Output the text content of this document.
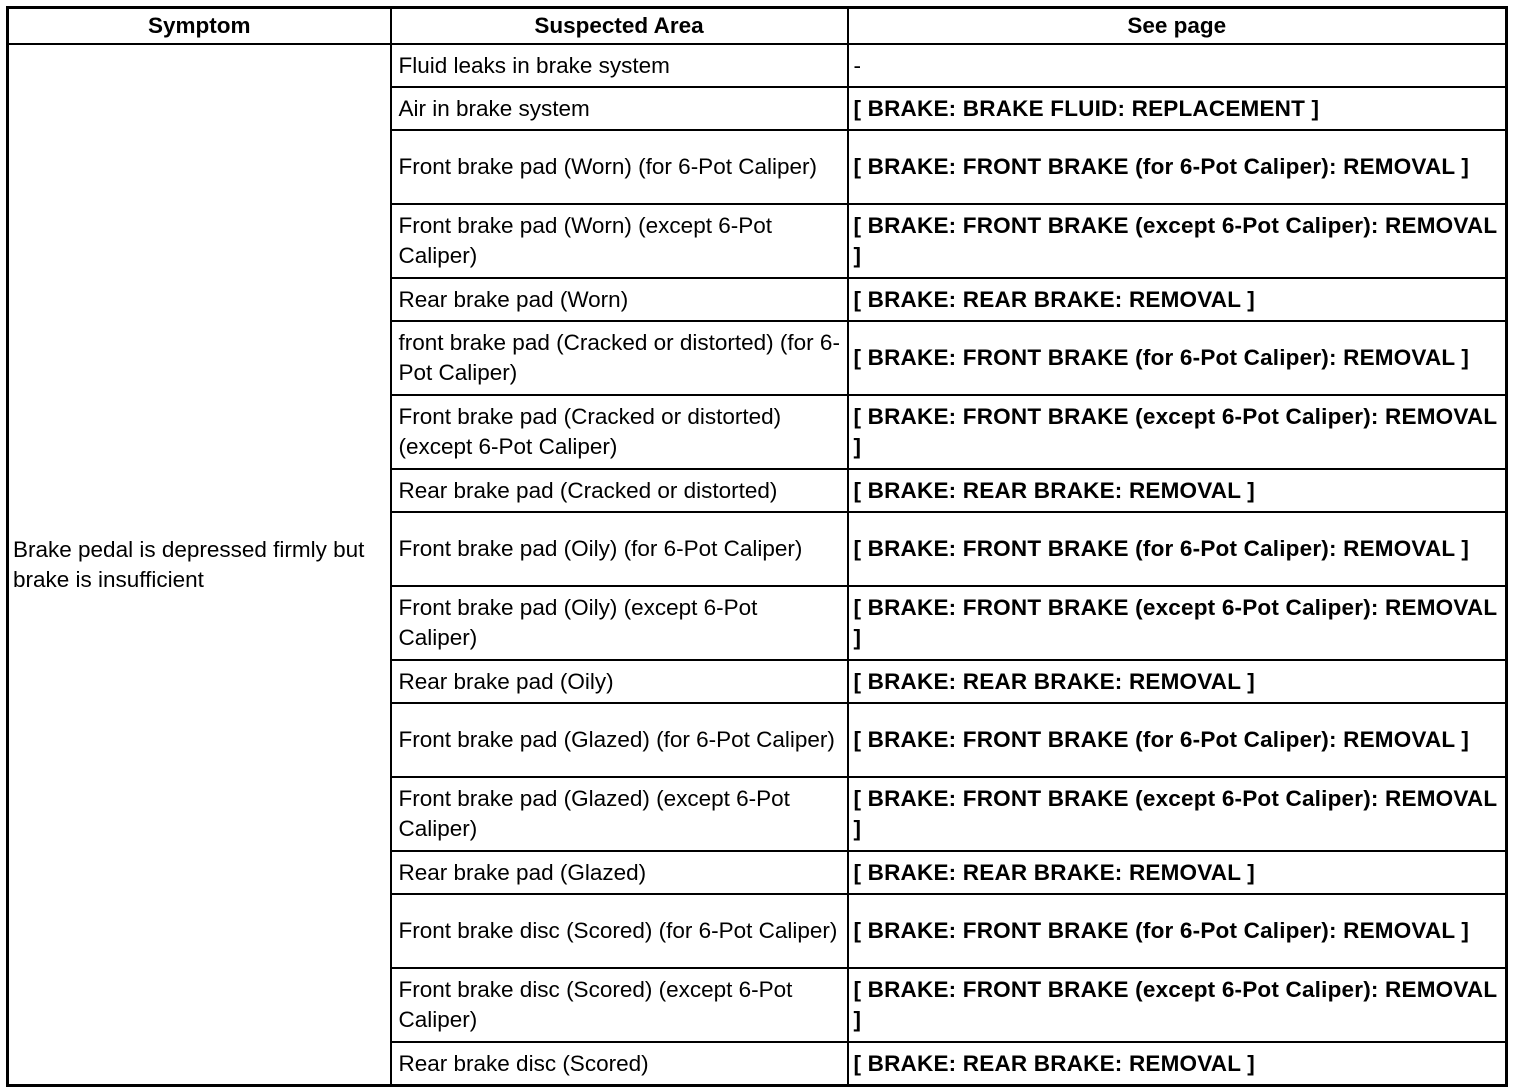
Symptom	Suspected Area	See page
Brake pedal is depressed firmly but brake is insufficient	Fluid leaks in brake system	-
	Air in brake system	[ BRAKE: BRAKE FLUID: REPLACEMENT ]
	Front brake pad (Worn) (for 6-Pot Caliper)	[ BRAKE: FRONT BRAKE (for 6-Pot Caliper): REMOVAL ]
	Front brake pad (Worn) (except 6-Pot Caliper)	[ BRAKE: FRONT BRAKE (except 6-Pot Caliper): REMOVAL ]
	Rear brake pad (Worn)	[ BRAKE: REAR BRAKE: REMOVAL ]
	front brake pad (Cracked or distorted) (for 6-Pot Caliper)	[ BRAKE: FRONT BRAKE (for 6-Pot Caliper): REMOVAL ]
	Front brake pad (Cracked or distorted) (except 6-Pot Caliper)	[ BRAKE: FRONT BRAKE (except 6-Pot Caliper): REMOVAL ]
	Rear brake pad (Cracked or distorted)	[ BRAKE: REAR BRAKE: REMOVAL ]
	Front brake pad (Oily) (for 6-Pot Caliper)	[ BRAKE: FRONT BRAKE (for 6-Pot Caliper): REMOVAL ]
	Front brake pad (Oily) (except 6-Pot Caliper)	[ BRAKE: FRONT BRAKE (except 6-Pot Caliper): REMOVAL ]
	Rear brake pad (Oily)	[ BRAKE: REAR BRAKE: REMOVAL ]
	Front brake pad (Glazed) (for 6-Pot Caliper)	[ BRAKE: FRONT BRAKE (for 6-Pot Caliper): REMOVAL ]
	Front brake pad (Glazed) (except 6-Pot Caliper)	[ BRAKE: FRONT BRAKE (except 6-Pot Caliper): REMOVAL ]
	Rear brake pad (Glazed)	[ BRAKE: REAR BRAKE: REMOVAL ]
	Front brake disc (Scored) (for 6-Pot Caliper)	[ BRAKE: FRONT BRAKE (for 6-Pot Caliper): REMOVAL ]
	Front brake disc (Scored) (except 6-Pot Caliper)	[ BRAKE: FRONT BRAKE (except 6-Pot Caliper): REMOVAL ]
	Rear brake disc (Scored)	[ BRAKE: REAR BRAKE: REMOVAL ]
